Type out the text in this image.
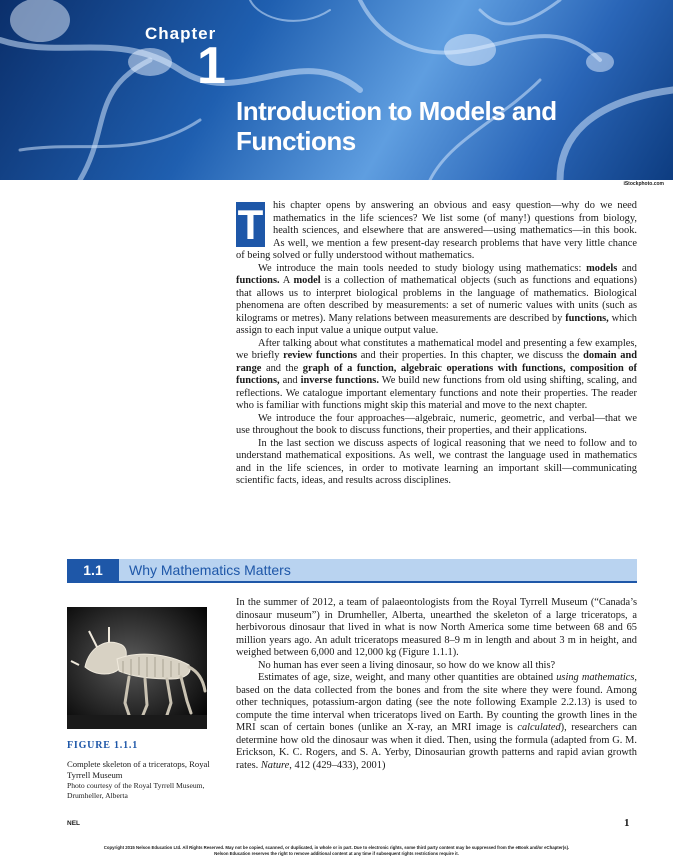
Chapter
1
Introduction to Models and Functions
iStockphoto.com

T his chapter opens by answering an obvious and easy question—why do we need mathematics in the life sciences? We list some (of many!) questions from biology, health sciences, and elsewhere that are answered—using mathematics—in this book. As well, we mention a few present-day research problems that have very little chance of being solved or fully understood without mathematics.

We introduce the main tools needed to study biology using mathematics: models and functions. A model is a collection of mathematical objects (such as functions and equations) that allows us to interpret biological problems in the language of mathematics. Biological phenomena are often described by measurements: a set of numeric values with units (such as kilograms or metres). Many relations between measurements are described by functions, which assign to each input value a unique output value.

After talking about what constitutes a mathematical model and presenting a few examples, we briefly review functions and their properties. In this chapter, we discuss the domain and range and the graph of a function, algebraic operations with functions, composition of functions, and inverse functions. We build new functions from old using shifting, scaling, and reflections. We catalogue important elementary functions and note their properties. The reader who is familiar with functions might skip this material and move to the next chapter.

We introduce the four approaches—algebraic, numeric, geometric, and verbal—that we use throughout the book to discuss functions, their properties, and their applications.

In the last section we discuss aspects of logical reasoning that we need to follow and to understand mathematical expositions. As well, we contrast the language used in mathematics and in the life sciences, in order to motivate learning an important skill—communicating scientific facts, ideas, and results across disciplines.

1.1	Why Mathematics Matters
FIGURE 1.1.1
Complete skeleton of a triceratops, Royal Tyrrell Museum
Photo courtesy of the Royal Tyrrell Museum, Drumheller, Alberta

In the summer of 2012, a team of palaeontologists from the Royal Tyrrell Museum (“Canada’s dinosaur museum”) in Drumheller, Alberta, unearthed the skeleton of a large triceratops, a herbivorous dinosaur that lived in what is now North America some time between 68 and 65 million years ago. An adult triceratops measured 8–9 m in length and about 3 m in height, and weighed between 6,000 and 12,000 kg (Figure 1.1.1).

No human has ever seen a living dinosaur, so how do we know all this?

Estimates of age, size, weight, and many other quantities are obtained using mathematics, based on the data collected from the bones and from the site where they were found. Among other techniques, potassium-argon dating (see the note following Example 2.2.13) is used to compute the time interval when triceratops lived on Earth. By counting the growth lines in the MRI scan of certain bones (unlike an X-ray, an MRI image is calculated), researchers can determine how old the dinosaur was when it died. Then, using the formula (adapted from G. M. Erickson, K. C. Rogers, and S. A. Yerby, Dinosaurian growth patterns and rapid avian growth rates. Nature, 412 (429–433), 2001)

NEL	1
Copyright 2015 Nelson Education Ltd. All Rights Reserved. May not be copied, scanned, or duplicated, in whole or in part. Due to electronic rights, some third party content may be suppressed from the eBook and/or eChapter(s).
Nelson Education reserves the right to remove additional content at any time if subsequent rights restrictions require it.
